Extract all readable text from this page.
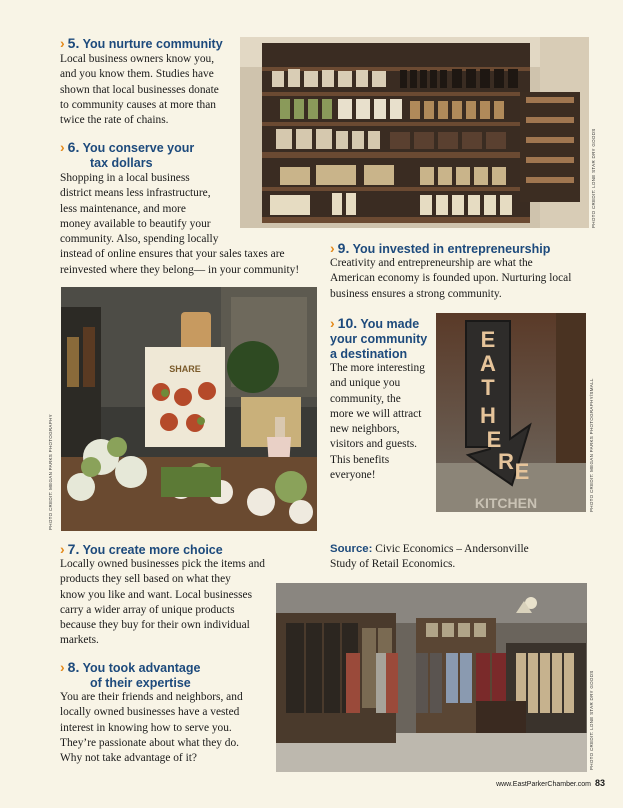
› 5. You nurture community
Local business owners know you,
and you know them. Studies have
shown that local businesses donate
to community causes at more than
twice the rate of chains.
› 6. You conserve your
tax dollars
Shopping in a local business
district means less infrastructure,
less maintenance, and more
money available to beautify your
community. Also, spending locally
instead of online ensures that your sales taxes are
reinvested where they belong— in your community!
PHOTO CREDIT: LONE STAR DRY GOODS
› 9. You invested in entrepreneurship
Creativity and entrepreneurship are what the
American economy is founded upon. Nurturing local
business ensures a strong community.
SHARE
PHOTO CREDIT: MEGAN PARKS PHOTOGRAPHY
› 10. You made
your community
a destination
The more interesting
and unique you
community, the
more we will attract
new neighbors,
visitors and guests.
This benefits
everyone!
KITCHEN
E
A
T
H
E
R E	PHOTO CREDIT: MEGAN PARKS PHOTOGRAPHY/SMALL
› 7. You create more choice
Locally owned businesses pick the items and
products they sell based on what they
know you like and want. Local businesses
carry a wider array of unique products
because they buy for their own individual
markets.
Source: Civic Economics – Andersonville
Study of Retail Economics.
PHOTO CREDIT: LONE STAR DRY GOODS
› 8. You took advantage
of their expertise
You are their friends and neighbors, and
locally owned businesses have a vested
interest in knowing how to serve you.
They’re passionate about what they do.
Why not take advantage of it?
www.EastParkerChamber.com 83
